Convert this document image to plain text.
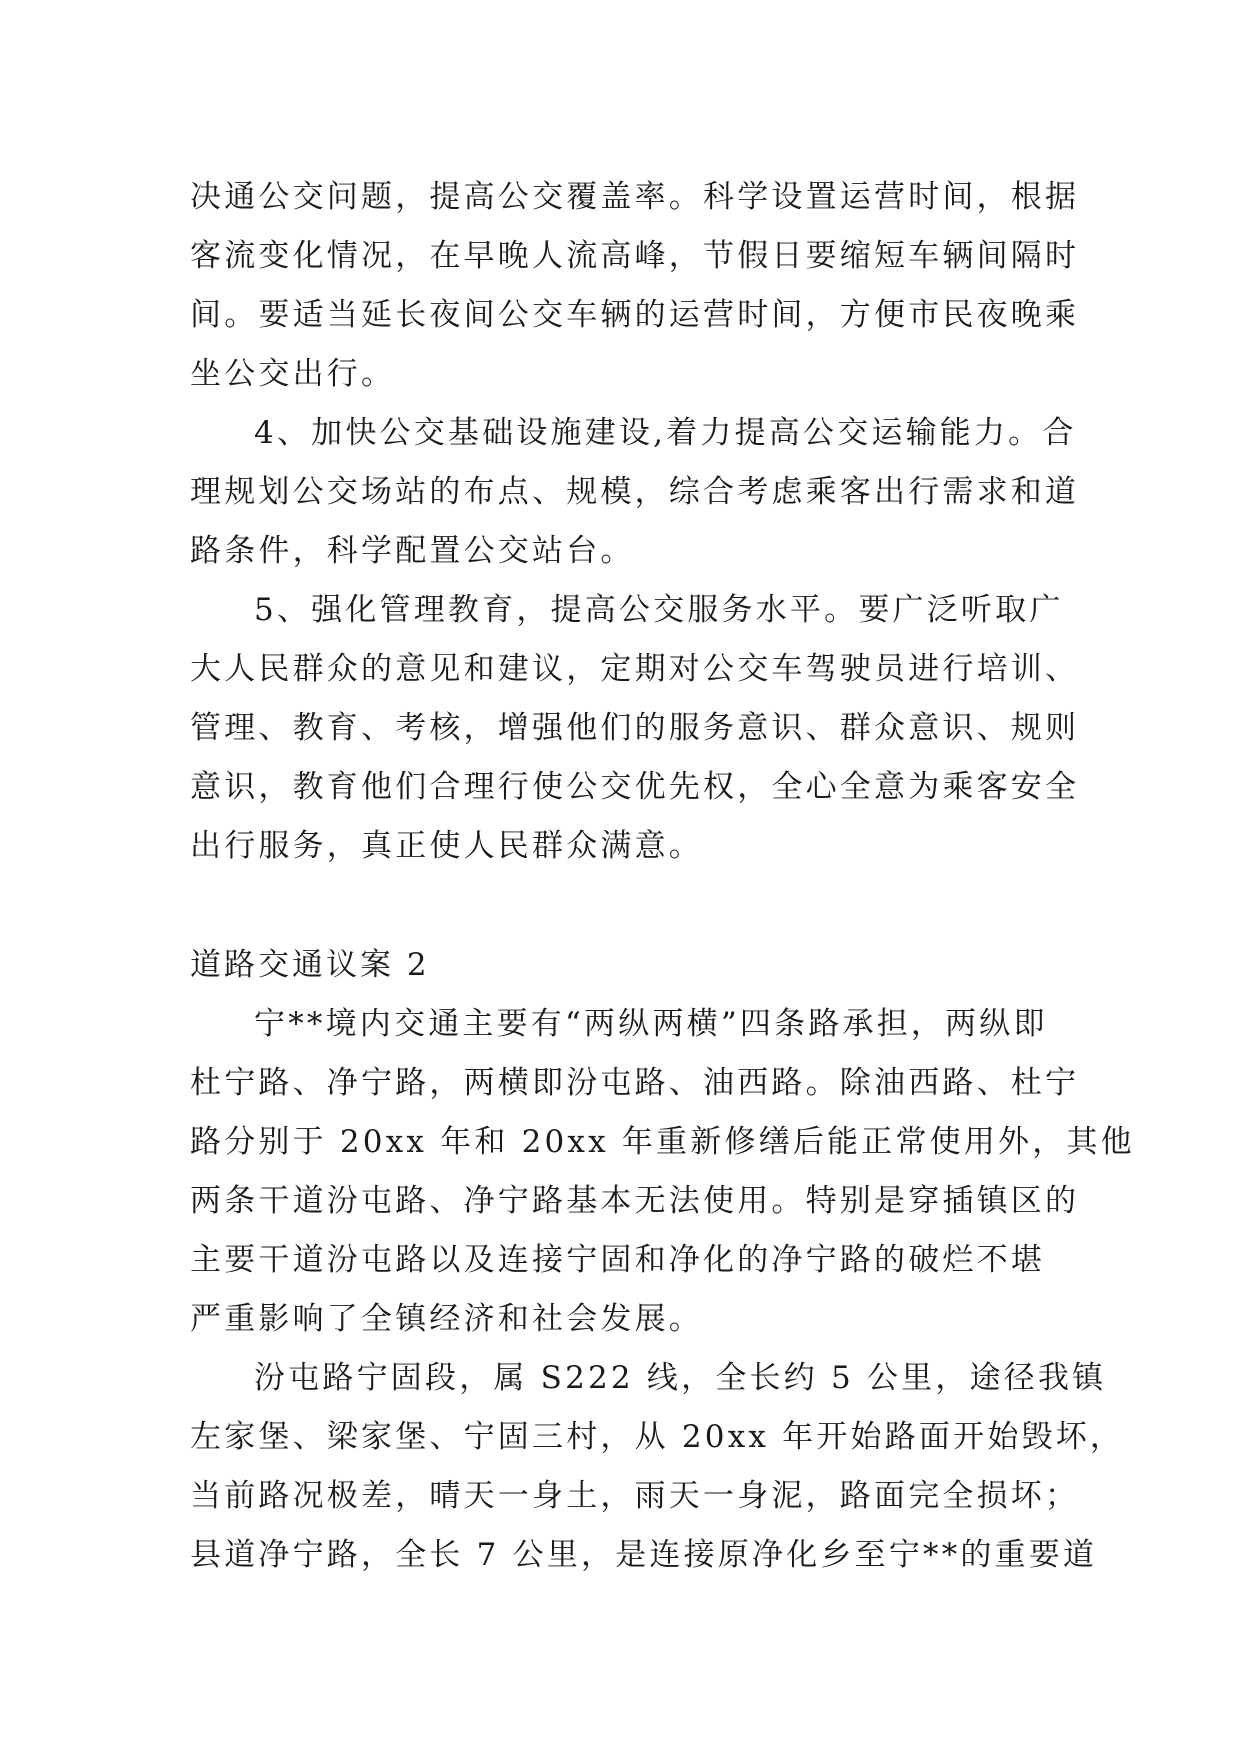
决通公交问题，提高公交覆盖率。科学设置运营时间，根据
客流变化情况，在早晚人流高峰，节假日要缩短车辆间隔时
间。要适当延长夜间公交车辆的运营时间，方便市民夜晚乘
坐公交出行。
4、加快公交基础设施建设,着力提高公交运输能力。合
理规划公交场站的布点、规模，综合考虑乘客出行需求和道
路条件，科学配置公交站台。
5、强化管理教育，提高公交服务水平。要广泛听取广
大人民群众的意见和建议，定期对公交车驾驶员进行培训、
管理、教育、考核，增强他们的服务意识、群众意识、规则
意识，教育他们合理行使公交优先权，全心全意为乘客安全
出行服务，真正使人民群众满意。
道路交通议案 2
宁**境内交通主要有“两纵两横”四条路承担，两纵即
杜宁路、净宁路，两横即汾屯路、油西路。除油西路、杜宁
路分别于 20xx 年和 20xx 年重新修缮后能正常使用外，其他
两条干道汾屯路、净宁路基本无法使用。特别是穿插镇区的
主要干道汾屯路以及连接宁固和净化的净宁路的破烂不堪
严重影响了全镇经济和社会发展。
汾屯路宁固段，属 S222 线，全长约 5 公里，途径我镇
左家堡、梁家堡、宁固三村，从 20xx 年开始路面开始毁坏，
当前路况极差，晴天一身土，雨天一身泥，路面完全损坏；
县道净宁路，全长 7 公里，是连接原净化乡至宁**的重要道
